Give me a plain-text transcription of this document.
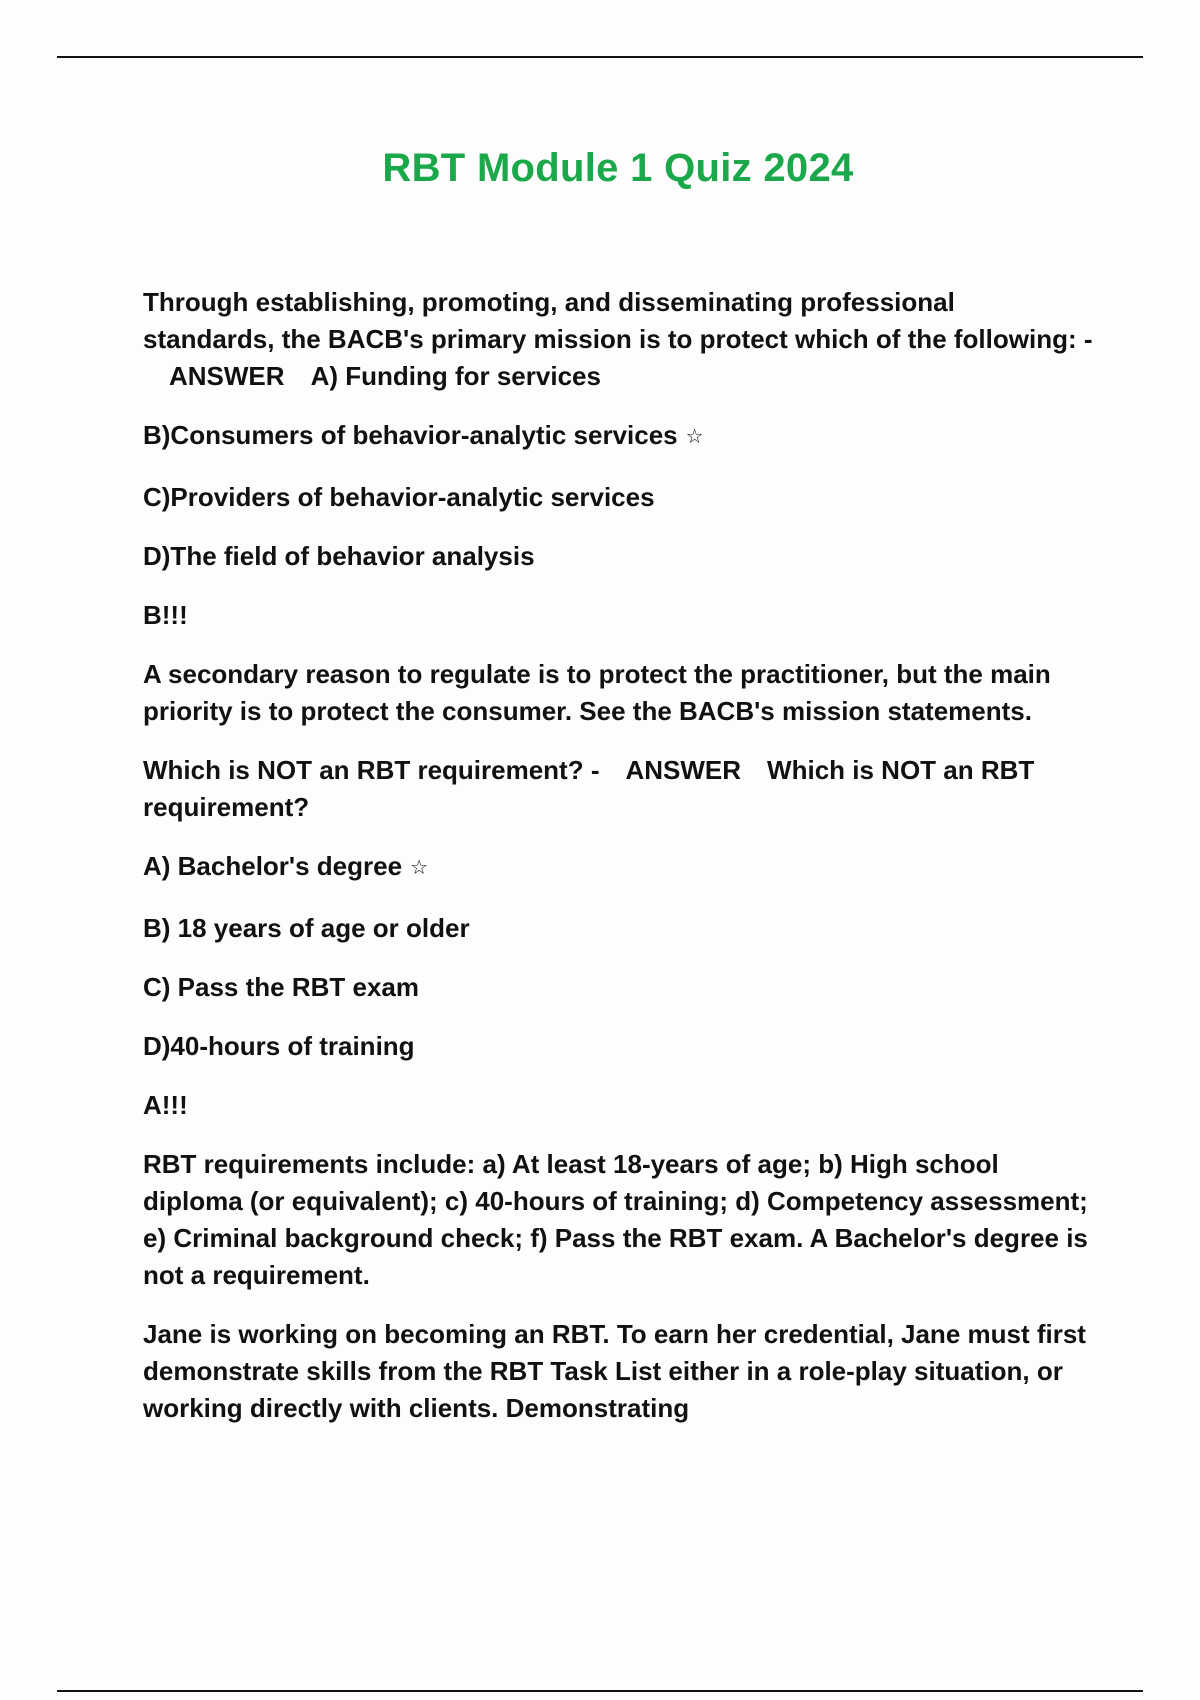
RBT Module 1 Quiz 2024

Through establishing, promoting, and disseminating professional standards, the BACB's primary mission is to protect which of the following: -ANSWER A) Funding for services

B)Consumers of behavior-analytic services ☆

C)Providers of behavior-analytic services

D)The field of behavior analysis

B!!!

A secondary reason to regulate is to protect the practitioner, but the main priority is to protect the consumer. See the BACB's mission statements.

Which is NOT an RBT requirement? - ANSWER Which is NOT an RBT requirement?

A) Bachelor's degree ☆

B) 18 years of age or older

C) Pass the RBT exam

D)40-hours of training

A!!!

RBT requirements include: a) At least 18-years of age; b) High school diploma (or equivalent); c) 40-hours of training; d) Competency assessment; e) Criminal background check; f) Pass the RBT exam. A Bachelor's degree is not a requirement.

Jane is working on becoming an RBT. To earn her credential, Jane must first demonstrate skills from the RBT Task List either in a role-play situation, or working directly with clients. Demonstrating
